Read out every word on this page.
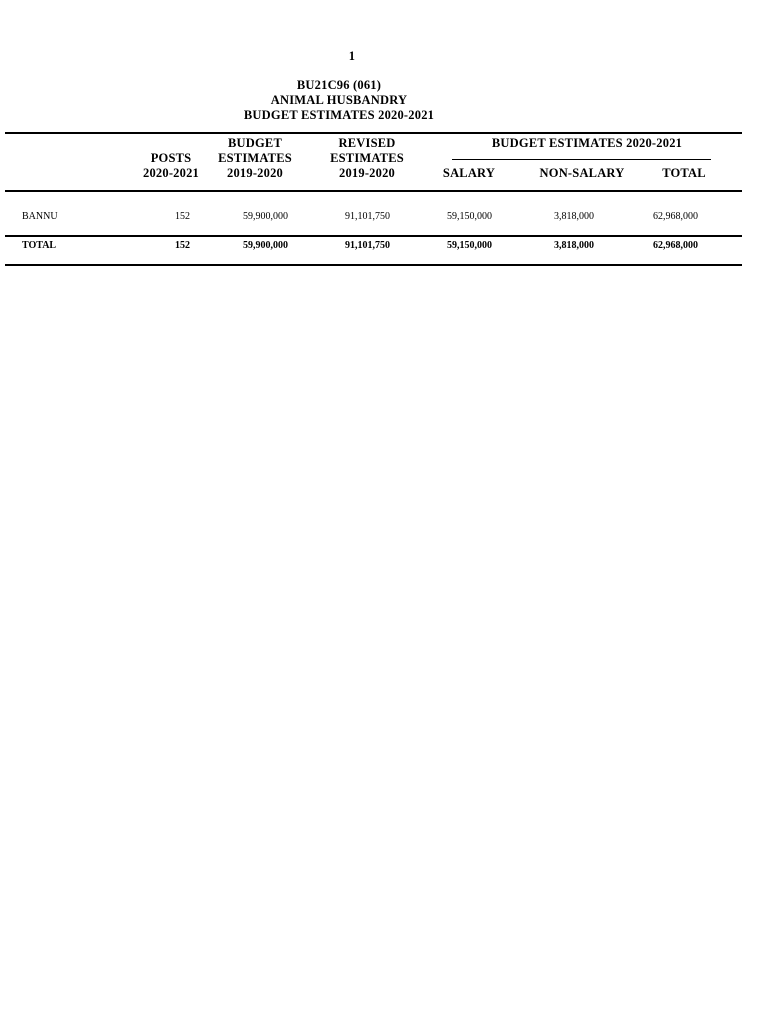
1
BU21C96 (061)
ANIMAL HUSBANDRY
BUDGET ESTIMATES 2020-2021
POSTS
2020-2021
BUDGET
ESTIMATES
2019-2020
REVISED
ESTIMATES
2019-2020
BUDGET ESTIMATES 2020-2021
SALARY	NON-SALARY	TOTAL
BANNU	152	59,900,000	91,101,750	59,150,000	3,818,000	62,968,000
TOTAL	152	59,900,000	91,101,750	59,150,000	3,818,000	62,968,000
